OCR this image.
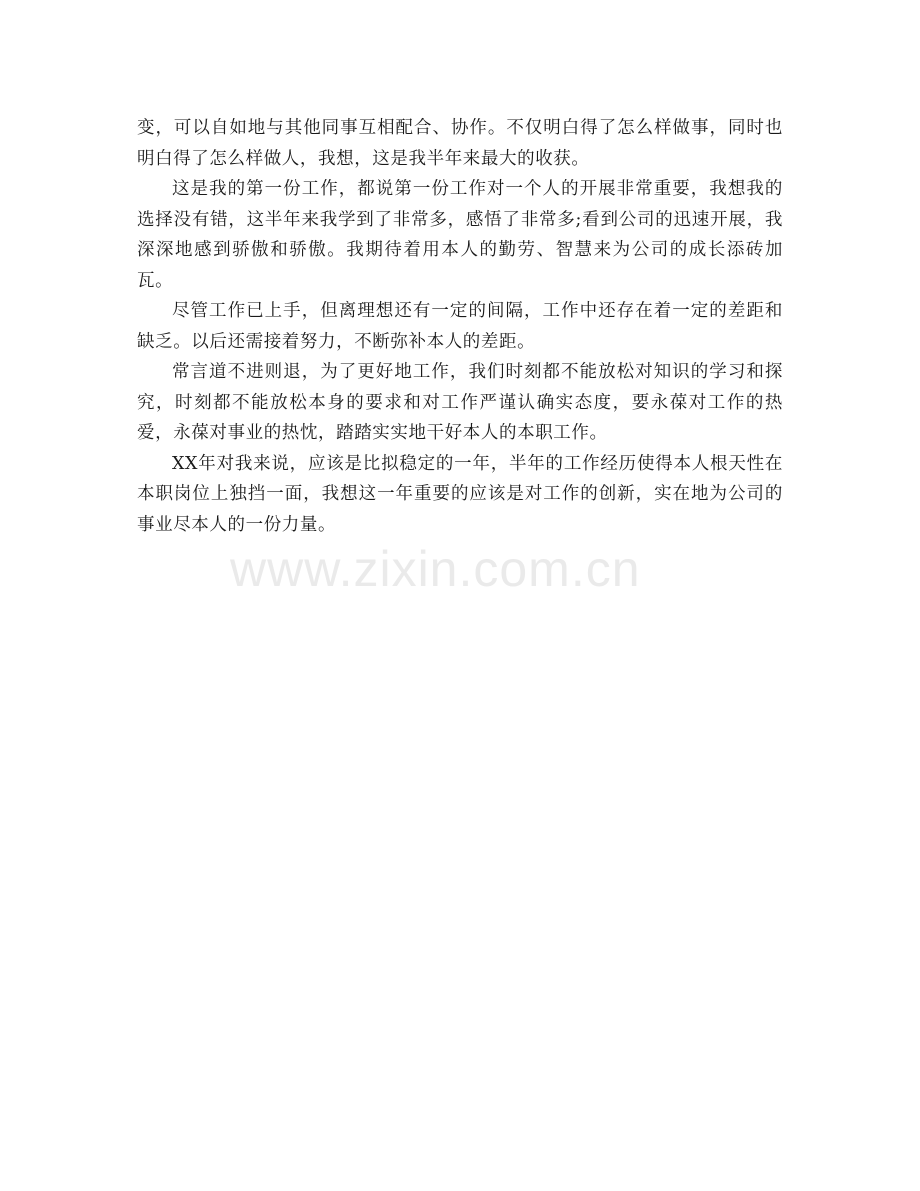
变，可以自如地与其他同事互相配合、协作。不仅明白得了怎么样做事，同时也明白得了怎么样做人，我想，这是我半年来最大的收获。

这是我的第一份工作，都说第一份工作对一个人的开展非常重要，我想我的选择没有错，这半年来我学到了非常多，感悟了非常多;看到公司的迅速开展，我深深地感到骄傲和骄傲。我期待着用本人的勤劳、智慧来为公司的成长添砖加瓦。

尽管工作已上手，但离理想还有一定的间隔，工作中还存在着一定的差距和缺乏。以后还需接着努力，不断弥补本人的差距。

常言道不进则退，为了更好地工作，我们时刻都不能放松对知识的学习和探究，时刻都不能放松本身的要求和对工作严谨认确实态度，要永葆对工作的热爱，永葆对事业的热忱，踏踏实实地干好本人的本职工作。

XX年对我来说，应该是比拟稳定的一年，半年的工作经历使得本人根天性在本职岗位上独挡一面，我想这一年重要的应该是对工作的创新，实在地为公司的事业尽本人的一份力量。

www.zixin.com.cn
